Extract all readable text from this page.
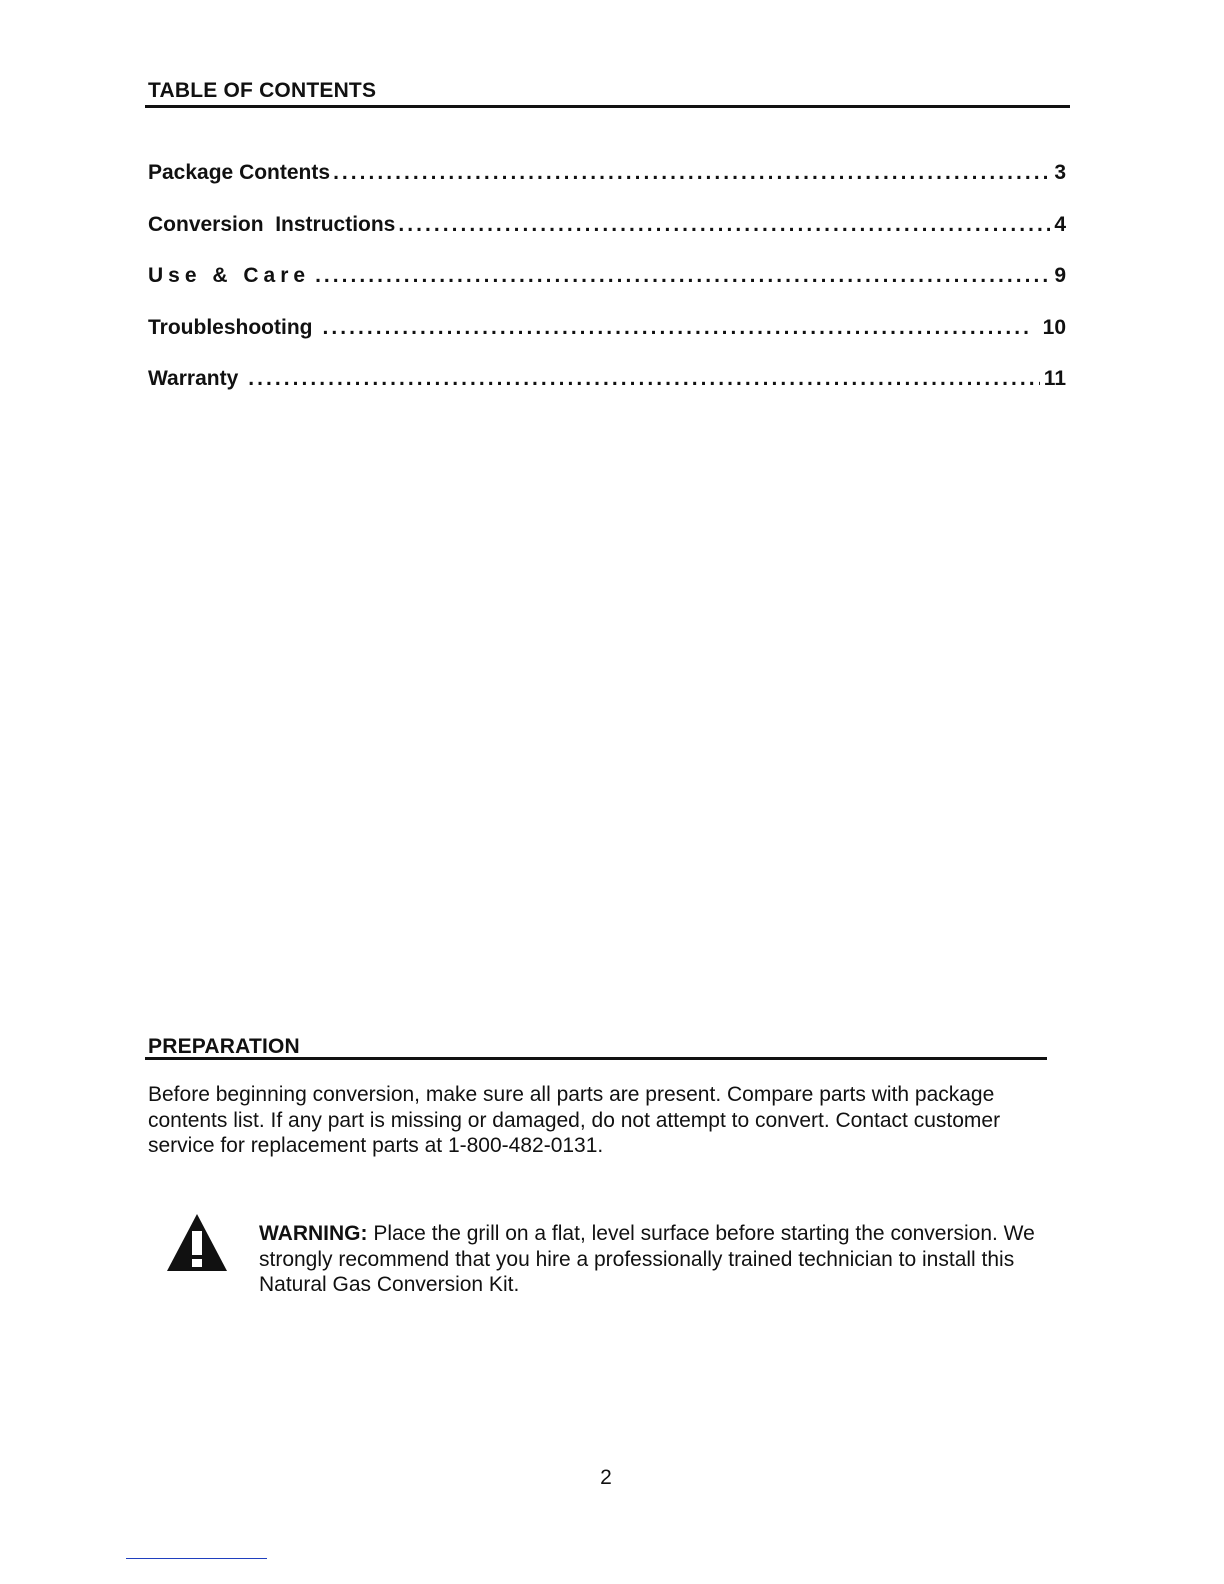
TABLE OF CONTENTS
Package Contents . . .	3
Conversion  Instructions . . .	4
Use & Care . . .	9
Troubleshooting . . .	10
Warranty . . .	11
PREPARATION

Before beginning conversion, make sure all parts are present. Compare parts with package contents list. If any part is missing or damaged, do not attempt to convert. Contact customer service for replacement parts at 1-800-482-0131.

WARNING: Place the grill on a flat, level surface before starting the conversion. We strongly recommend that you hire a professionally trained technician to install this Natural Gas Conversion Kit.

2
